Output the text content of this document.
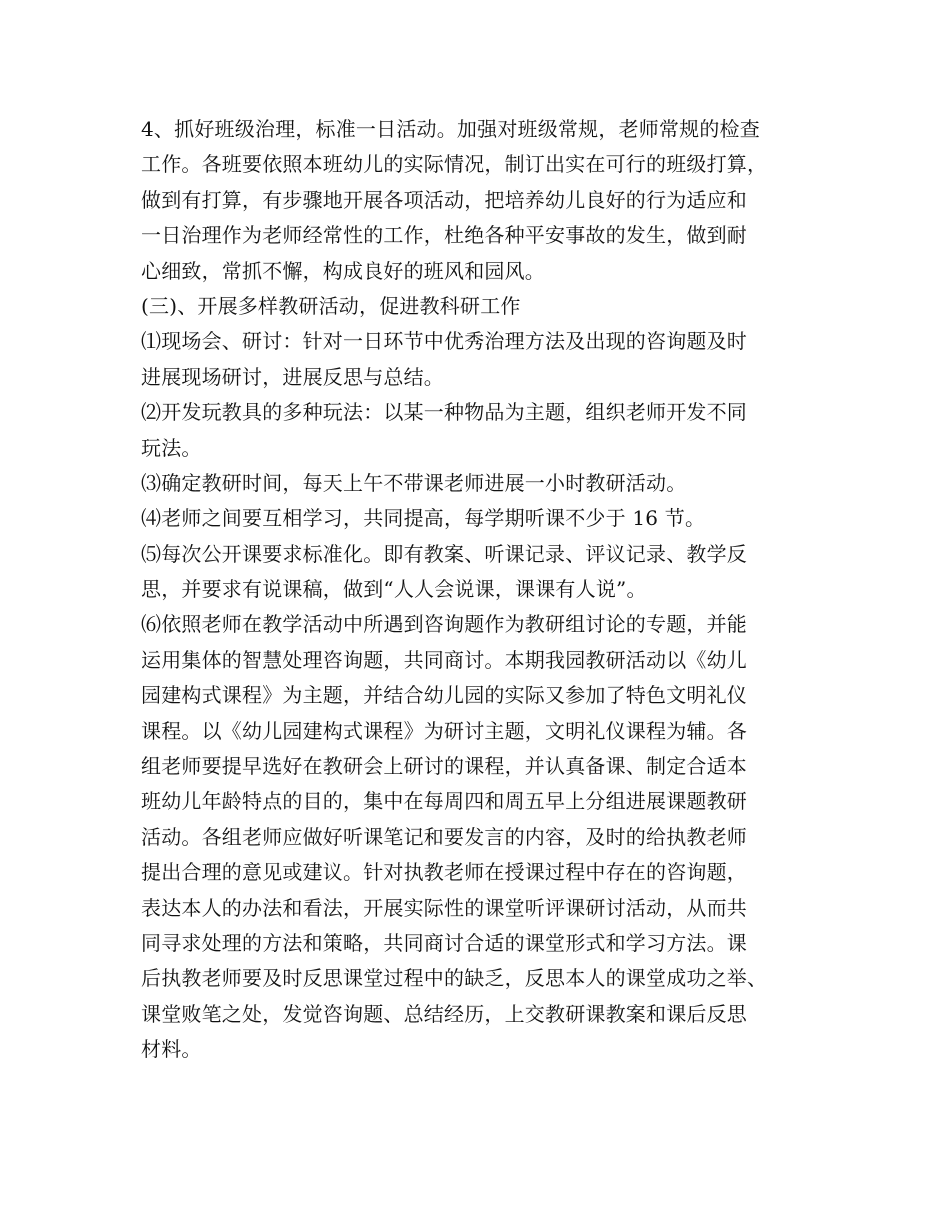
4、抓好班级治理，标准一日活动。加强对班级常规，老师常规的检查
工作。各班要依照本班幼儿的实际情况，制订出实在可行的班级打算，
做到有打算，有步骤地开展各项活动，把培养幼儿良好的行为适应和
一日治理作为老师经常性的工作，杜绝各种平安事故的发生，做到耐
心细致，常抓不懈，构成良好的班风和园风。
(三)、开展多样教研活动，促进教科研工作
⑴现场会、研讨：针对一日环节中优秀治理方法及出现的咨询题及时
进展现场研讨，进展反思与总结。
⑵开发玩教具的多种玩法：以某一种物品为主题，组织老师开发不同
玩法。
⑶确定教研时间，每天上午不带课老师进展一小时教研活动。
⑷老师之间要互相学习，共同提高，每学期听课不少于 16 节。
⑸每次公开课要求标准化。即有教案、听课记录、评议记录、教学反
思，并要求有说课稿，做到“人人会说课，课课有人说”。
⑹依照老师在教学活动中所遇到咨询题作为教研组讨论的专题，并能
运用集体的智慧处理咨询题，共同商讨。本期我园教研活动以《幼儿
园建构式课程》为主题，并结合幼儿园的实际又参加了特色文明礼仪
课程。以《幼儿园建构式课程》为研讨主题，文明礼仪课程为辅。各
组老师要提早选好在教研会上研讨的课程，并认真备课、制定合适本
班幼儿年龄特点的目的，集中在每周四和周五早上分组进展课题教研
活动。各组老师应做好听课笔记和要发言的内容，及时的给执教老师
提出合理的意见或建议。针对执教老师在授课过程中存在的咨询题，
表达本人的办法和看法，开展实际性的课堂听评课研讨活动，从而共
同寻求处理的方法和策略，共同商讨合适的课堂形式和学习方法。课
后执教老师要及时反思课堂过程中的缺乏，反思本人的课堂成功之举、
课堂败笔之处，发觉咨询题、总结经历，上交教研课教案和课后反思
材料。
